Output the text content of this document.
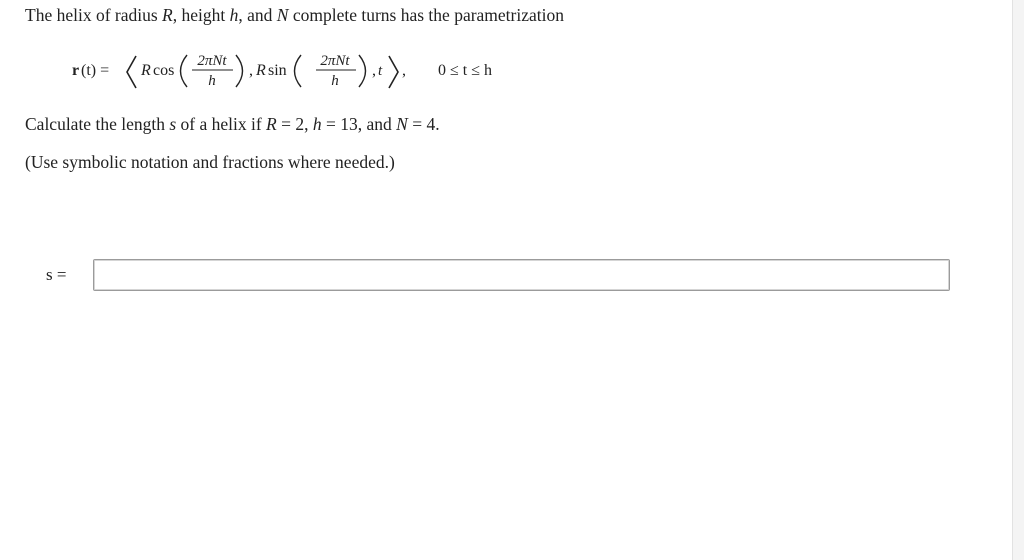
The helix of radius R, height h, and N complete turns has the parametrization
r (t) = R cos
2πNt
h
, R sin
2πNt
h
, t , 0 ≤ t ≤ h
Calculate the length s of a helix if R = 2, h = 13, and N = 4.
(Use symbolic notation and fractions where needed.)
s =
